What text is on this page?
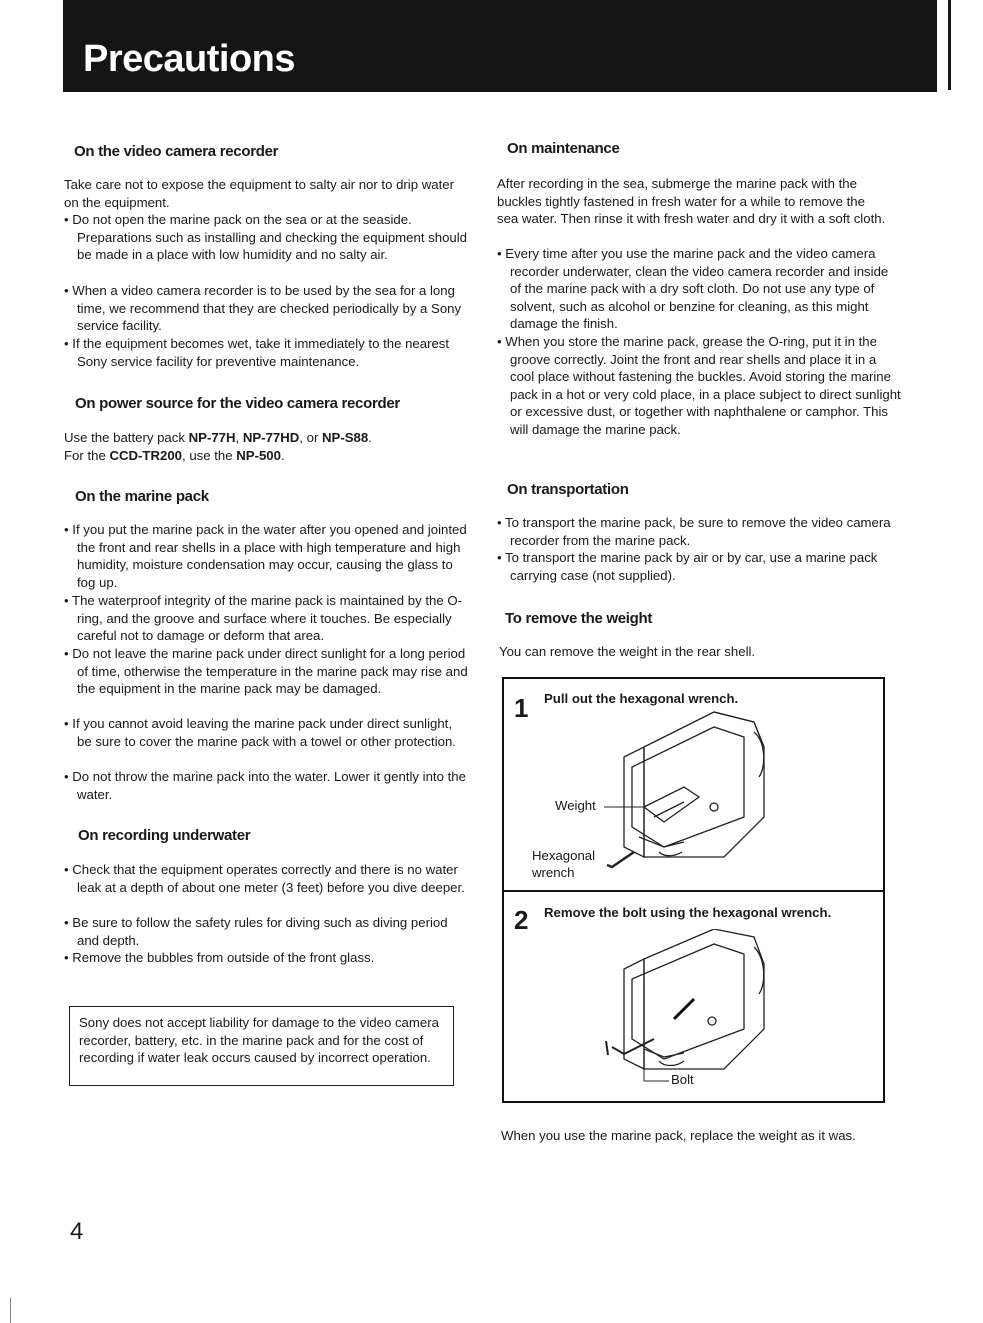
Precautions
On the video camera recorder

Take care not to expose the equipment to salty air nor to drip water on the equipment.

• Do not open the marine pack on the sea or at the seaside. Preparations such as installing and checking the equipment should be made in a place with low humidity and no salty air.

• When a video camera recorder is to be used by the sea for a long time, we recommend that they are checked periodically by a Sony service facility.

• If the equipment becomes wet, take it immediately to the nearest Sony service facility for preventive maintenance.

On power source for the video camera recorder

Use the battery pack NP-77H, NP-77HD, or NP-S88.

For the CCD-TR200, use the NP-500.

On the marine pack

• If you put the marine pack in the water after you opened and jointed the front and rear shells in a place with high temperature and high humidity, moisture condensation may occur, causing the glass to fog up.

• The waterproof integrity of the marine pack is maintained by the O-ring, and the groove and surface where it touches. Be especially careful not to damage or deform that area.

• Do not leave the marine pack under direct sunlight for a long period of time, otherwise the temperature in the marine pack may rise and the equipment in the marine pack may be damaged.

• If you cannot avoid leaving the marine pack under direct sunlight, be sure to cover the marine pack with a towel or other protection.

• Do not throw the marine pack into the water. Lower it gently into the water.

On recording underwater

• Check that the equipment operates correctly and there is no water leak at a depth of about one meter (3 feet) before you dive deeper.

• Be sure to follow the safety rules for diving such as diving period and depth.

• Remove the bubbles from outside of the front glass.

Sony does not accept liability for damage to the video camera recorder, battery, etc. in the marine pack and for the cost of recording if water leak occurs caused by incorrect operation.
On maintenance

After recording in the sea, submerge the marine pack with the buckles tightly fastened in fresh water for a while to remove the sea water. Then rinse it with fresh water and dry it with a soft cloth.

• Every time after you use the marine pack and the video camera recorder underwater, clean the video camera recorder and inside of the marine pack with a dry soft cloth. Do not use any type of solvent, such as alcohol or benzine for cleaning, as this might damage the finish.

• When you store the marine pack, grease the O-ring, put it in the groove correctly. Joint the front and rear shells and place it in a cool place without fastening the buckles. Avoid storing the marine pack in a hot or very cold place, in a place subject to direct sunlight or excessive dust, or together with naphthalene or camphor. This will damage the marine pack.

On transportation

• To transport the marine pack, be sure to remove the video camera recorder from the marine pack.

• To transport the marine pack by air or by car, use a marine pack carrying case (not supplied).

To remove the weight

You can remove the weight in the rear shell.

When you use the marine pack, replace the weight as it was.

1 Pull out the hexagonal wrench.
Weight
Hexagonal
wrench
2 Remove the bolt using the hexagonal wrench.
Bolt
4
